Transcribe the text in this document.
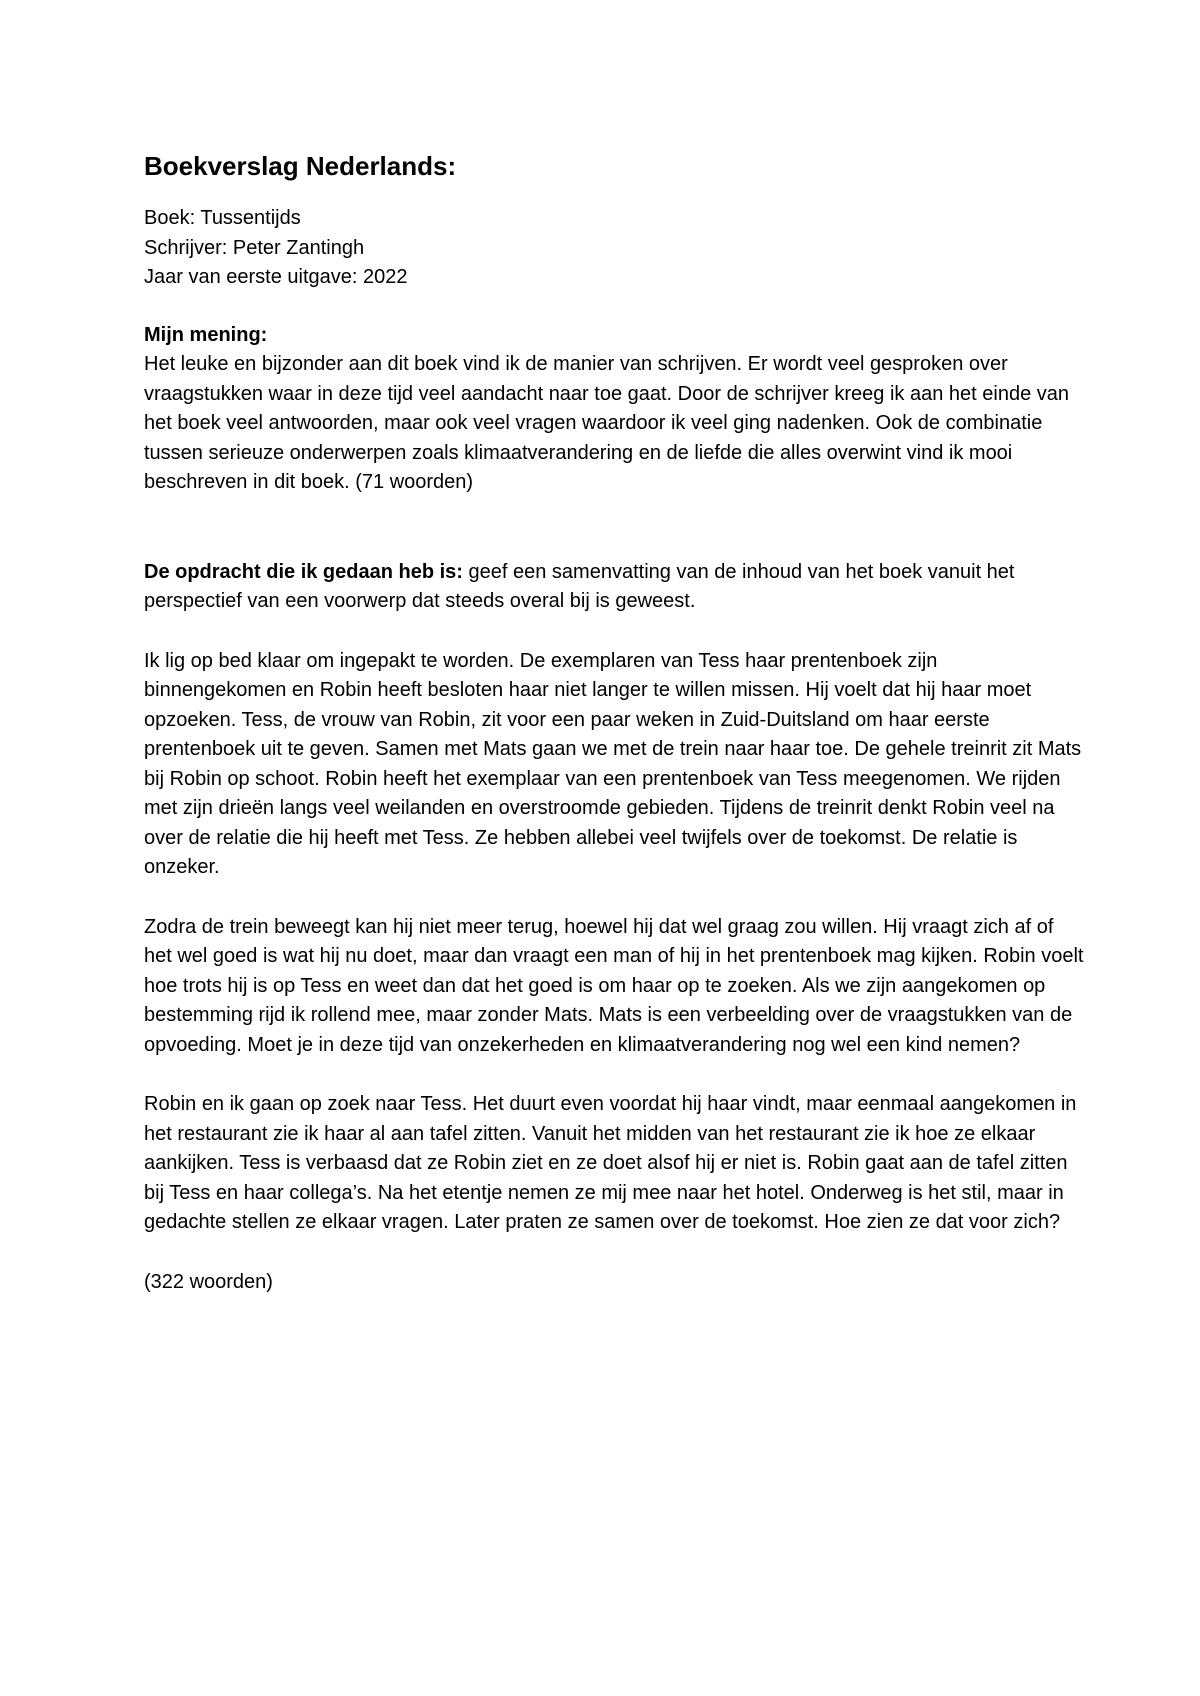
Boekverslag Nederlands:

Boek: Tussentijds

Schrijver: Peter Zantingh

Jaar van eerste uitgave: 2022

Mijn mening:

Het leuke en bijzonder aan dit boek vind ik de manier van schrijven. Er wordt veel gesproken over vraagstukken waar in deze tijd veel aandacht naar toe gaat. Door de schrijver kreeg ik aan het einde van het boek veel antwoorden, maar ook veel vragen waardoor ik veel ging nadenken. Ook de combinatie tussen serieuze onderwerpen zoals klimaatverandering en de liefde die alles overwint vind ik mooi beschreven in dit boek. (71 woorden)

De opdracht die ik gedaan heb is: geef een samenvatting van de inhoud van het boek vanuit het perspectief van een voorwerp dat steeds overal bij is geweest.

Ik lig op bed klaar om ingepakt te worden. De exemplaren van Tess haar prentenboek zijn binnengekomen en Robin heeft besloten haar niet langer te willen missen. Hij voelt dat hij haar moet opzoeken. Tess, de vrouw van Robin, zit voor een paar weken in Zuid-Duitsland om haar eerste prentenboek uit te geven. Samen met Mats gaan we met de trein naar haar toe. De gehele treinrit zit Mats bij Robin op schoot. Robin heeft het exemplaar van een prentenboek van Tess meegenomen. We rijden met zijn drieën langs veel weilanden en overstroomde gebieden. Tijdens de treinrit denkt Robin veel na over de relatie die hij heeft met Tess. Ze hebben allebei veel twijfels over de toekomst. De relatie is onzeker.

Zodra de trein beweegt kan hij niet meer terug, hoewel hij dat wel graag zou willen. Hij vraagt zich af of het wel goed is wat hij nu doet, maar dan vraagt een man of hij in het prentenboek mag kijken. Robin voelt hoe trots hij is op Tess en weet dan dat het goed is om haar op te zoeken. Als we zijn aangekomen op bestemming rijd ik rollend mee, maar zonder Mats. Mats is een verbeelding over de vraagstukken van de opvoeding. Moet je in deze tijd van onzekerheden en klimaatverandering nog wel een kind nemen?

Robin en ik gaan op zoek naar Tess. Het duurt even voordat hij haar vindt, maar eenmaal aangekomen in het restaurant zie ik haar al aan tafel zitten. Vanuit het midden van het restaurant zie ik hoe ze elkaar aankijken. Tess is verbaasd dat ze Robin ziet en ze doet alsof hij er niet is. Robin gaat aan de tafel zitten bij Tess en haar collega’s. Na het etentje nemen ze mij mee naar het hotel. Onderweg is het stil, maar in gedachte stellen ze elkaar vragen. Later praten ze samen over de toekomst. Hoe zien ze dat voor zich?

(322 woorden)
